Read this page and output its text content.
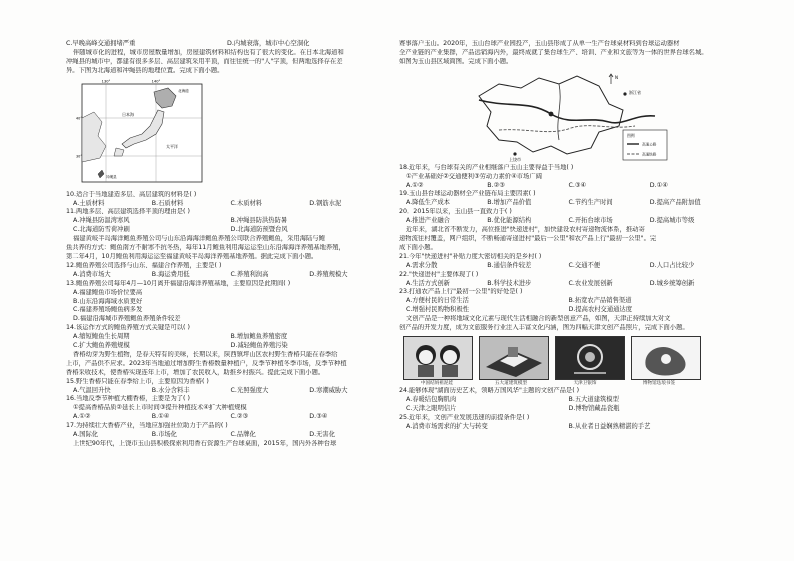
C.早晚高峰交通拥堵严重	D.内城衰落，城市中心空洞化
伴随城市化的进程，城市房屋数量增加，房屋建筑材料和结构也有了很大的变化。在日本北海道和
冲绳县的城市中，都建有很多多层、高层建筑采用平顶，而往往统一的"人"字顶，但两地选择存在差
异。下图为北海道和冲绳县的地理位置。完成下面小题。
130°	140°
40°
30°
日本海
太平洋
北海道
冲绳县
10.适合于当地建造多层、高层建筑的材料是( )
A.土质材料	B.石质材料	C.木质材料	D.钢筋水泥
11.两地多层、高层建筑选择平顶的理由是( )
A.冲绳县防温湾寒风	B.冲绳县防洪热防暑
C.北海道防雪荷冲刷	D.北海道防预暨台风
福建黄岐半岛海洋鲍鱼养殖公司与山东沿海海洋鲍鱼养殖公司联合养殖鲍鱼，采用海陆与鲍
鱼共养的方式：鲍鱼南方不耐寒不抗冬热，每年11月鲍鱼利用海运运至山东沿海海洋养殖基地养殖，
第二年4月，10月鲍鱼利用海运运至福建黄岐半岛海洋养殖基地养殖。据此完成下面小题。
12.鲍鱼养殖公司选择与山东、福建合作养殖，主要是( )
A.消费市场大	B.海运费用低	C.养殖利润高	D.养殖规模大
13.鲍鱼养殖公司每年4月—10月离开福建沿海洋养殖基地，主要原因是此期间( )
A.福建鲍鱼市场价位要高
B.山东沿海海域水质更好
C.福建养殖场鲍鱼病多发
D.福建沿海城市养殖鲍鱼养殖条件较差
14.该运作方式的鲍鱼养殖方式关键是可以( )
A.缩短鲍鱼生长周期	B.增加鲍鱼养殖密度
C.扩大鲍鱼养殖规模	D.减轻鲍鱼养殖污染
香椿幼芽为野生植物，是春天特有的美味，长期以来，陕西镇坪山区农村野生香椿只能在春季给
上市，产品供不应求。2023年当地通过增加野生香椿数量种植户，反季节种植冬季市场，反季节种植
香椿采收技术，使香椿实现连年上市，增加了农民收入，助推乡村振兴。提此完成下面小题。
15.野生香椿只能在春季给上市，主要原因为香椿( )
A.气温回升快	B.水分含料丰	C.光照强度大	D.寒潮威胁大
16.当地反季节种植大棚香椿，主要是为了( )
①提高香椿品质②延长上市时间③提升种植技术④扩大种植规模
A.①②	B.①④	C.②③	D.③④
17.为持续壮大香椿产业，当地应加强社位助力于产品的( )
A.国际化	B.市场化	C.品牌化	D.无害化
上世纪90年代，上饶市玉山县积极探索利用香石资源生产台球桌面，2015年，国内外各种台球
赛事落户玉山。2020年，玉山台球产业园投产，玉山县形成了从单一生产台球桌材料到台球运动器材
全产业链的产业集群，产品远销海内外，最终成就了集台球生产、培训、产业和文旅等为一体的世界台球名城。
如图为玉山县区域简图。完成下面小题。
N
浙江省
上饶市
图例
高速公路
高速铁路
18.近年来，与台球有关的产业相继落户玉山主要得益于当地( )
①产业基础好②交通便利③劳动力素价④市场广阔
A.①②	B.②③	C.③④	D.①④
19.玉山县台球运动器材全产业链布局主要因素( )
A.降低生产成本	B.增加产品价值	C.节约生产时间	D.提高产品附加值
20．2015年以来，玉山县一直致力于( )
A.推进产业融合	B.优化能源结构	C.开拓台球市场	D.提高城市等级
近年来，湖北省不断发力，高位推进"快递进村"，加快建设农村寄递物流体系，推动寄
递物流往村覆盖，网户组织，不断畅通寄递进村"最后一公里"和农产品上行"最初一公里"。完
成下面小题。
21.今年"快递进村"补贴力度大密切相关的是乡村( )
A.需求分散	B.通信条件较差	C.交通不便	D.人口占比较少
22."快递进村"主要体现了( )
A.生活方式创新	B.科学技术进步	C.农业发展创新	D.城乡统筹创新
23.打通农产品上行"最初一公里"的好处是( )
A.方便村民的日常生活	B.拓宽农产品销售渠道
C.增强村民购物积极性	D.提高农村交通通达度
文创产品是一种将地域文化元素与现代生活相融合的新型创意产品，如图，天津正持续加大对文
创产品的开发力度，成为文旅服务行业注入丰富文化内涵，图为四幅天津文创产品照片，完成下面小题。
中国结妈祖泥娃	五大道建筑模型	天津卫银饰	博物馆珐琅书签
24.能够体现"湖面历史艺术，领略万国风华"主题的文创产品是( )
A.春暖结包胸肌肉	B.五大道建筑模型
C.天津之眼明信片	D.博物馆藏品瓷瓶
25.近年来，文创产业发展迅速的前提条件是( )
A.消费市场需求的扩大与转变	B.从业者日益娴熟精湛的手艺
